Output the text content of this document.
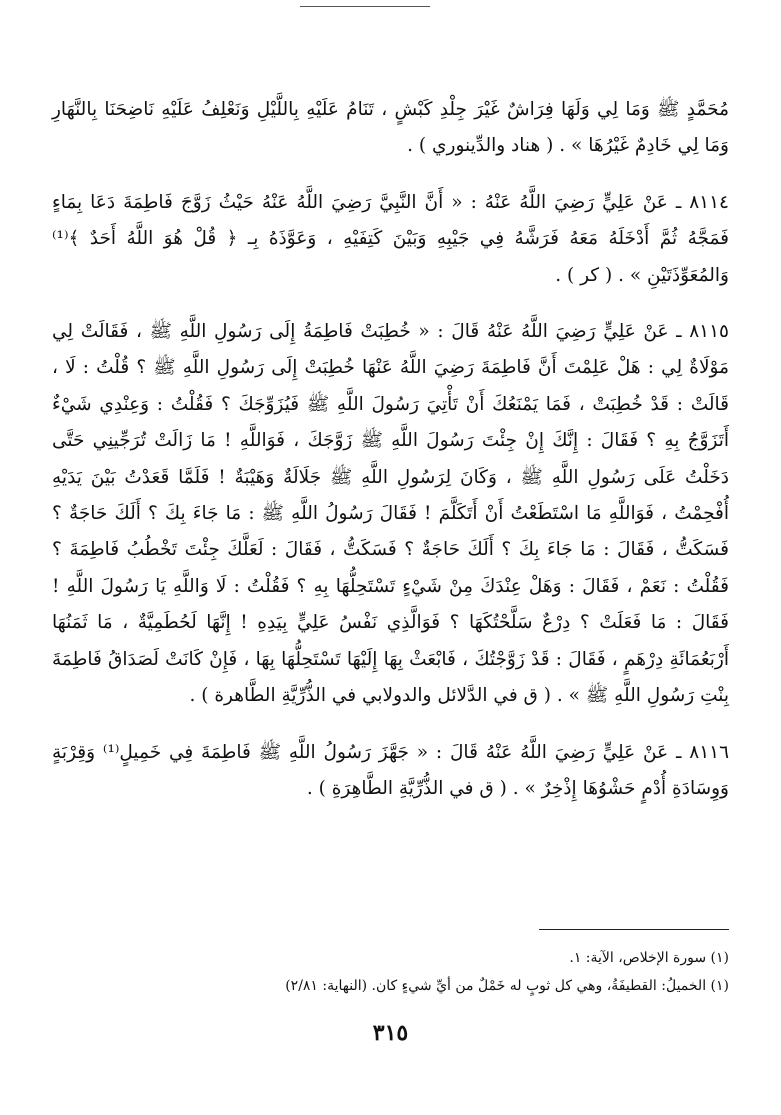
مُحَمَّدٍ ﷺ وَمَا لِي وَلَهَا فِرَاشٌ غَيْرَ جِلْدِ كَبْشٍ ، تَنَامُ عَلَيْهِ بِاللَّيْلِ وَنَعْلِفُ عَلَيْهِ نَاضِحَنَا بِالنَّهَارِ وَمَا لِي خَادِمٌ غَيْرُهَا » . ( هناد والدِّينوري ) .

٨١١٤ ـ عَنْ عَلِيٍّ رَضِيَ اللَّهُ عَنْهُ : « أَنَّ النَّبِيَّ رَضِيَ اللَّهُ عَنْهُ حَيْثُ زَوَّجَ فَاطِمَةَ دَعَا بِمَاءٍ فَمَجَّهُ ثُمَّ أَدْخَلَهُ مَعَهُ فَرَشَّهُ فِي جَيْبِهِ وَبَيْنَ كَتِفَيْهِ ، وَعَوَّذَهُ بِـ ﴿ قُلْ هُوَ اللَّهُ أَحَدٌ ﴾⁽¹⁾ وَالمُعَوِّذَتَيْنِ » . ( كر ) .

٨١١٥ ـ عَنْ عَلِيٍّ رَضِيَ اللَّهُ عَنْهُ قَالَ : « خُطِبَتْ فَاطِمَةُ إِلَى رَسُولِ اللَّهِ ﷺ ، فَقَالَتْ لِي مَوْلَاةٌ لِي : هَلْ عَلِمْتَ أَنَّ فَاطِمَةَ رَضِيَ اللَّهُ عَنْهَا خُطِبَتْ إِلَى رَسُولِ اللَّهِ ﷺ ؟ قُلْتُ : لَا ، قَالَتْ : قَدْ خُطِبَتْ ، فَمَا يَمْنَعُكَ أَنْ تَأْتِيَ رَسُولَ اللَّهِ ﷺ فَيُزَوِّجَكَ ؟ فَقُلْتُ : وَعِنْدِي شَيْءٌ أَتَزَوَّجُ بِهِ ؟ فَقَالَ : إِنَّكَ إِنْ جِئْتَ رَسُولَ اللَّهِ ﷺ زَوَّجَكَ ، فَوَاللَّهِ ! مَا زَالَتْ تُرَجِّينِي حَتَّى دَخَلْتُ عَلَى رَسُولِ اللَّهِ ﷺ ، وَكَانَ لِرَسُولِ اللَّهِ ﷺ جَلَالَةٌ وَهَيْبَةٌ ! فَلَمَّا قَعَدْتُ بَيْنَ يَدَيْهِ أُفْحِمْتُ ، فَوَاللَّهِ مَا اسْتَطَعْتُ أَنْ أَتَكَلَّمَ ! فَقَالَ رَسُولُ اللَّهِ ﷺ : مَا جَاءَ بِكَ ؟ أَلَكَ حَاجَةٌ ؟ فَسَكَتُّ ، فَقَالَ : مَا جَاءَ بِكَ ؟ أَلَكَ حَاجَةٌ ؟ فَسَكَتُّ ، فَقَالَ : لَعَلَّكَ جِئْتَ تَخْطُبُ فَاطِمَةَ ؟ فَقُلْتُ : نَعَمْ ، فَقَالَ : وَهَلْ عِنْدَكَ مِنْ شَيْءٍ تَسْتَحِلُّهَا بِهِ ؟ فَقُلْتُ : لَا وَاللَّهِ يَا رَسُولَ اللَّهِ ! فَقَالَ : مَا فَعَلَتْ ؟ دِرْعٌ سَلَّحْتُكَهَا ؟ فَوَالَّذِي نَفْسُ عَلِيٍّ بِيَدِهِ ! إِنَّهَا لَحُطَمِيَّةٌ ، مَا ثَمَنُهَا أَرْبَعُمَائَةِ دِرْهَمٍ ، فَقَالَ : قَدْ زَوَّجْتُكَ ، فَابْعَثْ بِهَا إِلَيْهَا تَسْتَحِلُّهَا بِهَا ، فَإِنْ كَانَتْ لَصَدَاقُ فَاطِمَةَ بِنْتِ رَسُولِ اللَّهِ ﷺ » . ( ق في الدَّلائل والدولابي في الذُّرِّيَّةِ الطَّاهرة ) .

٨١١٦ ـ عَنْ عَلِيٍّ رَضِيَ اللَّهُ عَنْهُ قَالَ : « جَهَّزَ رَسُولُ اللَّهِ ﷺ فَاطِمَةَ فِي خَمِيلٍ⁽¹⁾ وَقِرْبَةٍ وَوِسَادَةِ أُدْمٍ حَشْوُهَا إِذْخِرٌ » . ( ق في الذُّرِّيَّةِ الطَّاهِرَةِ ) .

(١) سورة الإخلاص، الآية: ١.

(١) الخميلُ: القطيفَةُ، وهي كل ثوبٍ له خَمْلٌ من أيِّ شيءٍ كان. (النهاية: ٢/٨١)

٣١٥
